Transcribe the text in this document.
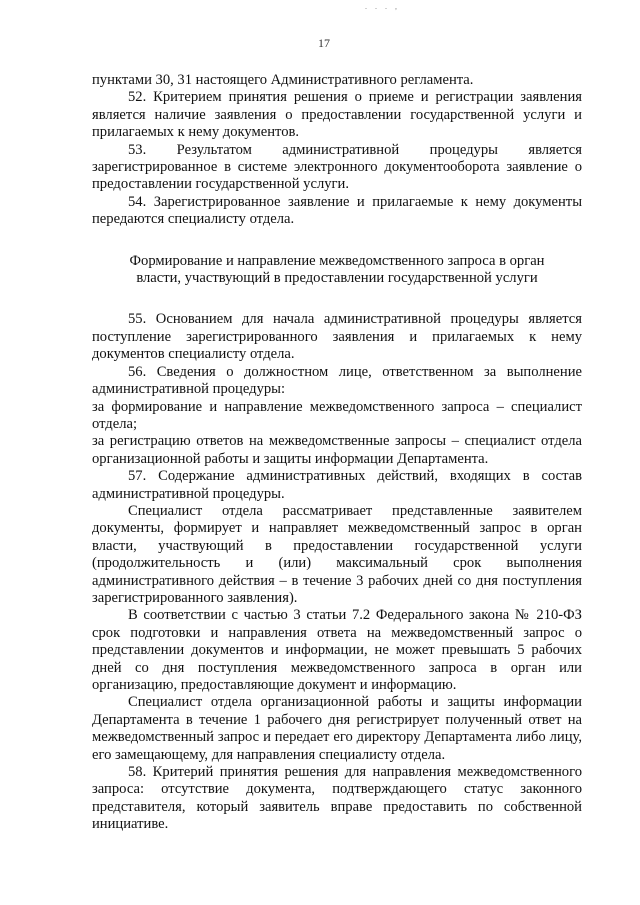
. . . ,
17

пунктами 30, 31 настоящего Административного регламента.

52. Критерием принятия решения о приеме и регистрации заявления является наличие заявления о предоставлении государственной услуги и прилагаемых к нему документов.

53. Результатом административной процедуры является зарегистрированное в системе электронного документооборота заявление о предоставлении государственной услуги.

54. Зарегистрированное заявление и прилагаемые к нему документы передаются специалисту отдела.

Формирование и направление межведомственного запроса в орган власти, участвующий в предоставлении государственной услуги

55. Основанием для начала административной процедуры является поступление зарегистрированного заявления и прилагаемых к нему документов специалисту отдела.

56. Сведения о должностном лице, ответственном за выполнение административной процедуры:

за формирование и направление межведомственного запроса – специалист отдела;

за регистрацию ответов на межведомственные запросы – специалист отдела организационной работы и защиты информации Департамента.

57. Содержание административных действий, входящих в состав административной процедуры.

Специалист отдела рассматривает представленные заявителем документы, формирует и направляет межведомственный запрос в орган власти, участвующий в предоставлении государственной услуги (продолжительность и (или) максимальный срок выполнения административного действия – в течение 3 рабочих дней со дня поступления зарегистрированного заявления).

В соответствии с частью 3 статьи 7.2 Федерального закона № 210-ФЗ срок подготовки и направления ответа на межведомственный запрос о представлении документов и информации, не может превышать 5 рабочих дней со дня поступления межведомственного запроса в орган или организацию, предоставляющие документ и информацию.

Специалист отдела организационной работы и защиты информации Департамента в течение 1 рабочего дня регистрирует полученный ответ на межведомственный запрос и передает его директору Департамента либо лицу, его замещающему, для направления специалисту отдела.

58. Критерий принятия решения для направления межведомственного запроса: отсутствие документа, подтверждающего статус законного представителя, который заявитель вправе предоставить по собственной инициативе.
